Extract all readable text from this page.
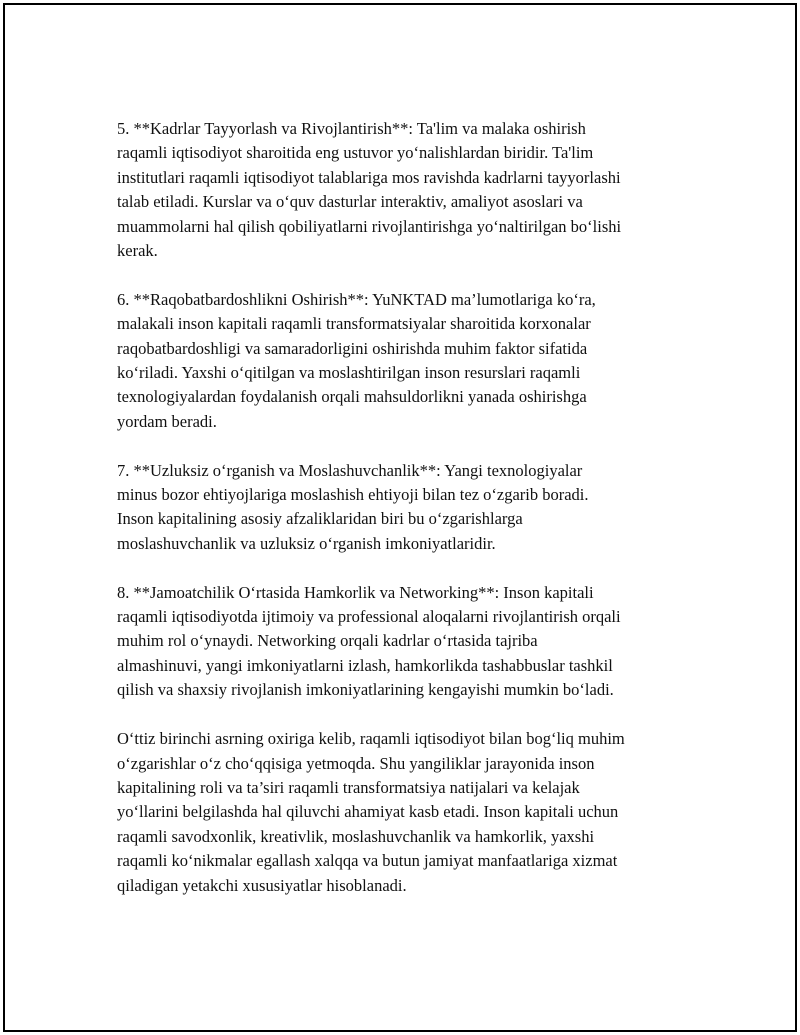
5. **Kadrlar Tayyorlash va Rivojlantirish**: Ta'lim va malaka oshirish
raqamli iqtisodiyot sharoitida eng ustuvor yo‘nalishlardan biridir. Ta'lim
institutlari raqamli iqtisodiyot talablariga mos ravishda kadrlarni tayyorlashi
talab etiladi. Kurslar va o‘quv dasturlar interaktiv, amaliyot asoslari va
muammolarni hal qilish qobiliyatlarni rivojlantirishga yo‘naltirilgan bo‘lishi
kerak.

6. **Raqobatbardoshlikni Oshirish**: YuNKTAD ma’lumotlariga ko‘ra,
malakali inson kapitali raqamli transformatsiyalar sharoitida korxonalar
raqobatbardoshligi va samaradorligini oshirishda muhim faktor sifatida
ko‘riladi. Yaxshi o‘qitilgan va moslashtirilgan inson resurslari raqamli
texnologiyalardan foydalanish orqali mahsuldorlikni yanada oshirishga
yordam beradi.

7. **Uzluksiz o‘rganish va Moslashuvchanlik**: Yangi texnologiyalar
minus bozor ehtiyojlariga moslashish ehtiyoji bilan tez o‘zgarib boradi.
Inson kapitalining asosiy afzaliklaridan biri bu o‘zgarishlarga
moslashuvchanlik va uzluksiz o‘rganish imkoniyatlaridir.

8. **Jamoatchilik O‘rtasida Hamkorlik va Networking**: Inson kapitali
raqamli iqtisodiyotda ijtimoiy va professional aloqalarni rivojlantirish orqali
muhim rol o‘ynaydi. Networking orqali kadrlar o‘rtasida tajriba
almashinuvi, yangi imkoniyatlarni izlash, hamkorlikda tashabbuslar tashkil
qilish va shaxsiy rivojlanish imkoniyatlarining kengayishi mumkin bo‘ladi.

O‘ttiz birinchi asrning oxiriga kelib, raqamli iqtisodiyot bilan bog‘liq muhim
o‘zgarishlar o‘z cho‘qqisiga yetmoqda. Shu yangiliklar jarayonida inson
kapitalining roli va ta’siri raqamli transformatsiya natijalari va kelajak
yo‘llarini belgilashda hal qiluvchi ahamiyat kasb etadi. Inson kapitali uchun
raqamli savodxonlik, kreativlik, moslashuvchanlik va hamkorlik, yaxshi
raqamli ko‘nikmalar egallash xalqqa va butun jamiyat manfaatlariga xizmat
qiladigan yetakchi xususiyatlar hisoblanadi.
